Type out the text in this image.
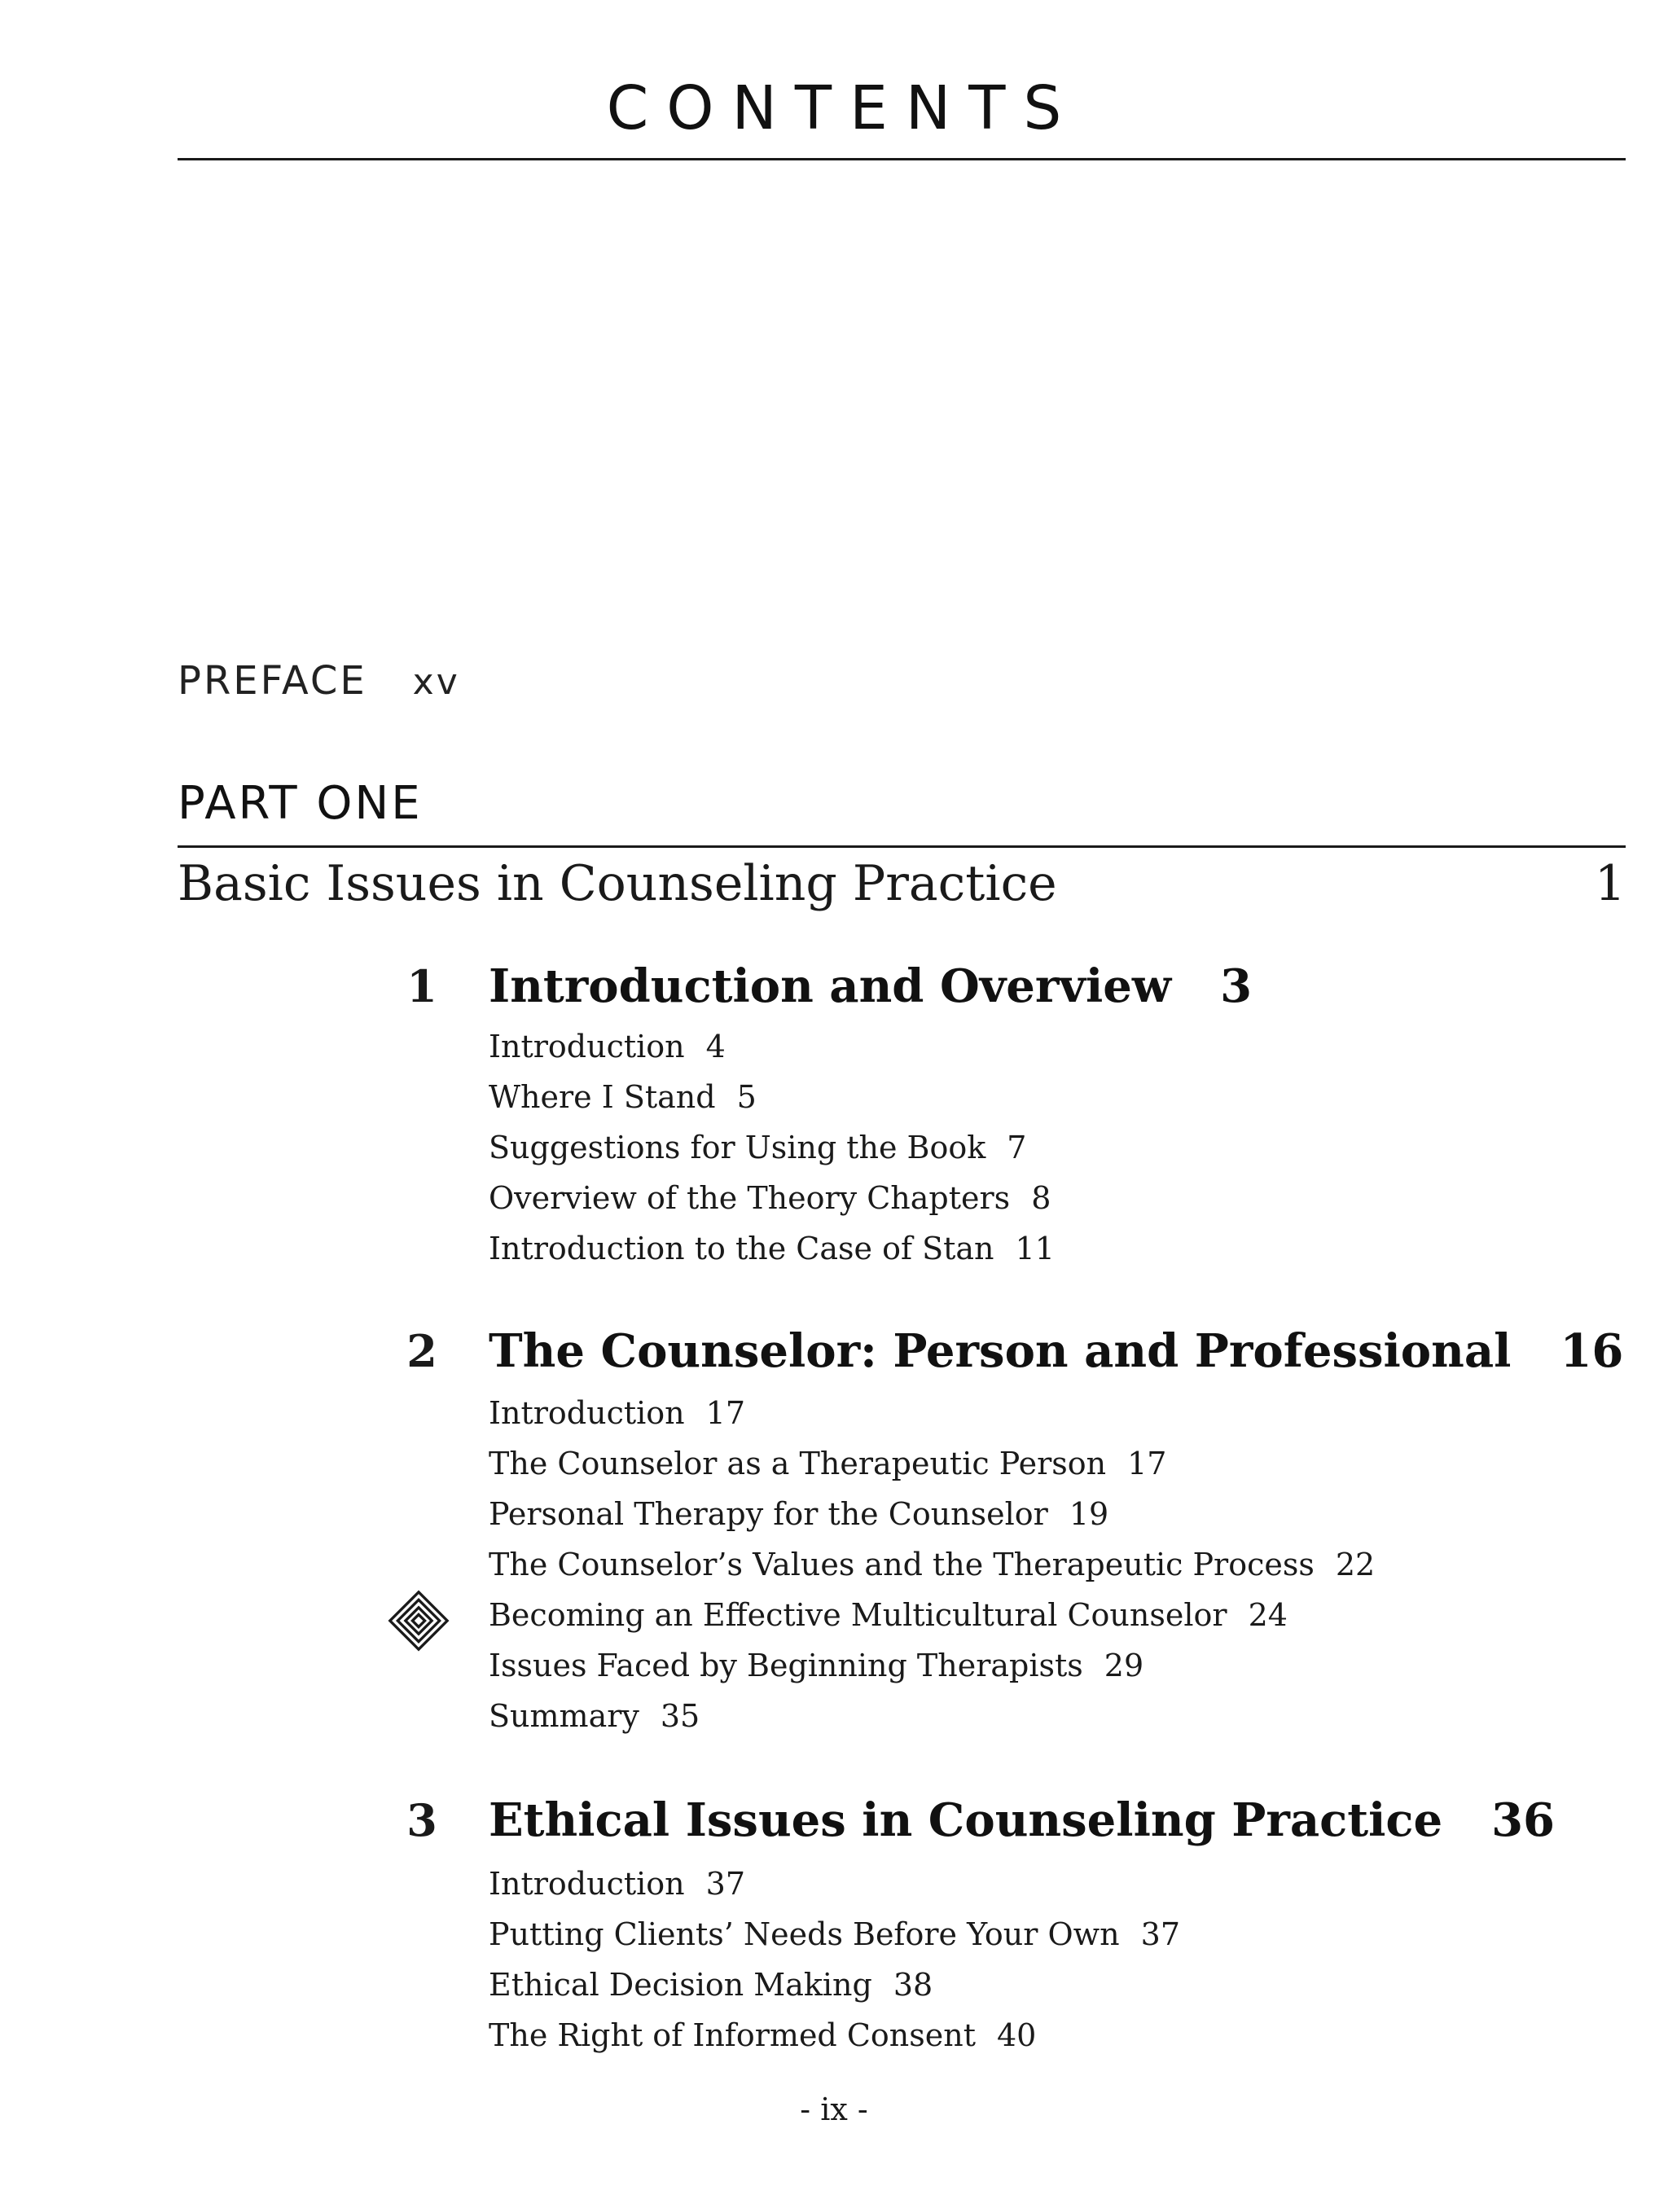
CONTENTS
PREFACE xv
PART ONE
Basic Issues in Counseling Practice	1
1 Introduction and Overview 3
Introduction 4
Where I Stand 5
Suggestions for Using the Book 7
Overview of the Theory Chapters 8
Introduction to the Case of Stan 11
2 The Counselor: Person and Professional 16
Introduction 17
The Counselor as a Therapeutic Person 17
Personal Therapy for the Counselor 19
The Counselor’s Values and the Therapeutic Process 22
Becoming an Effective Multicultural Counselor 24
Issues Faced by Beginning Therapists 29
Summary 35
3 Ethical Issues in Counseling Practice 36
Introduction 37
Putting Clients’ Needs Before Your Own 37
Ethical Decision Making 38
The Right of Informed Consent 40
- ix -
